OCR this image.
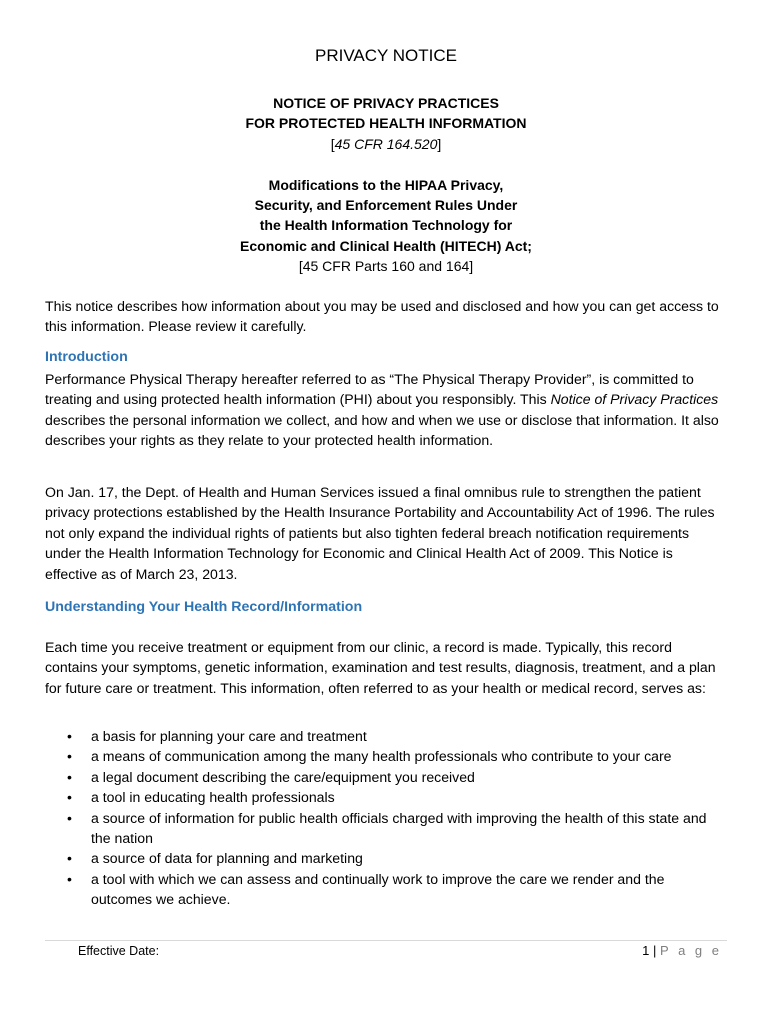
PRIVACY NOTICE
NOTICE OF PRIVACY PRACTICES
FOR PROTECTED HEALTH INFORMATION
[45 CFR 164.520]
Modifications to the HIPAA Privacy,
Security, and Enforcement Rules Under
the Health Information Technology for
Economic and Clinical Health (HITECH) Act;
[45 CFR Parts 160 and 164]
This notice describes how information about you may be used and disclosed and how you can get access to this information. Please review it carefully.
Introduction
Performance Physical Therapy hereafter referred to as “The Physical Therapy Provider”, is committed to treating and using protected health information (PHI) about you responsibly. This Notice of Privacy Practices describes the personal information we collect, and how and when we use or disclose that information. It also describes your rights as they relate to your protected health information.
On Jan. 17, the Dept. of Health and Human Services issued a final omnibus rule to strengthen the patient privacy protections established by the Health Insurance Portability and Accountability Act of 1996. The rules not only expand the individual rights of patients but also tighten federal breach notification requirements under the Health Information Technology for Economic and Clinical Health Act of 2009. This Notice is effective as of March 23, 2013.
Understanding Your Health Record/Information
Each time you receive treatment or equipment from our clinic, a record is made. Typically, this record contains your symptoms, genetic information, examination and test results, diagnosis, treatment, and a plan for future care or treatment. This information, often referred to as your health or medical record, serves as:
• a basis for planning your care and treatment
• a means of communication among the many health professionals who contribute to your care
• a legal document describing the care/equipment you received
• a tool in educating health professionals
• a source of information for public health officials charged with improving the health of this state and the nation
• a source of data for planning and marketing
• a tool with which we can assess and continually work to improve the care we render and the outcomes we achieve.
Effective Date:	1 | P a g e
